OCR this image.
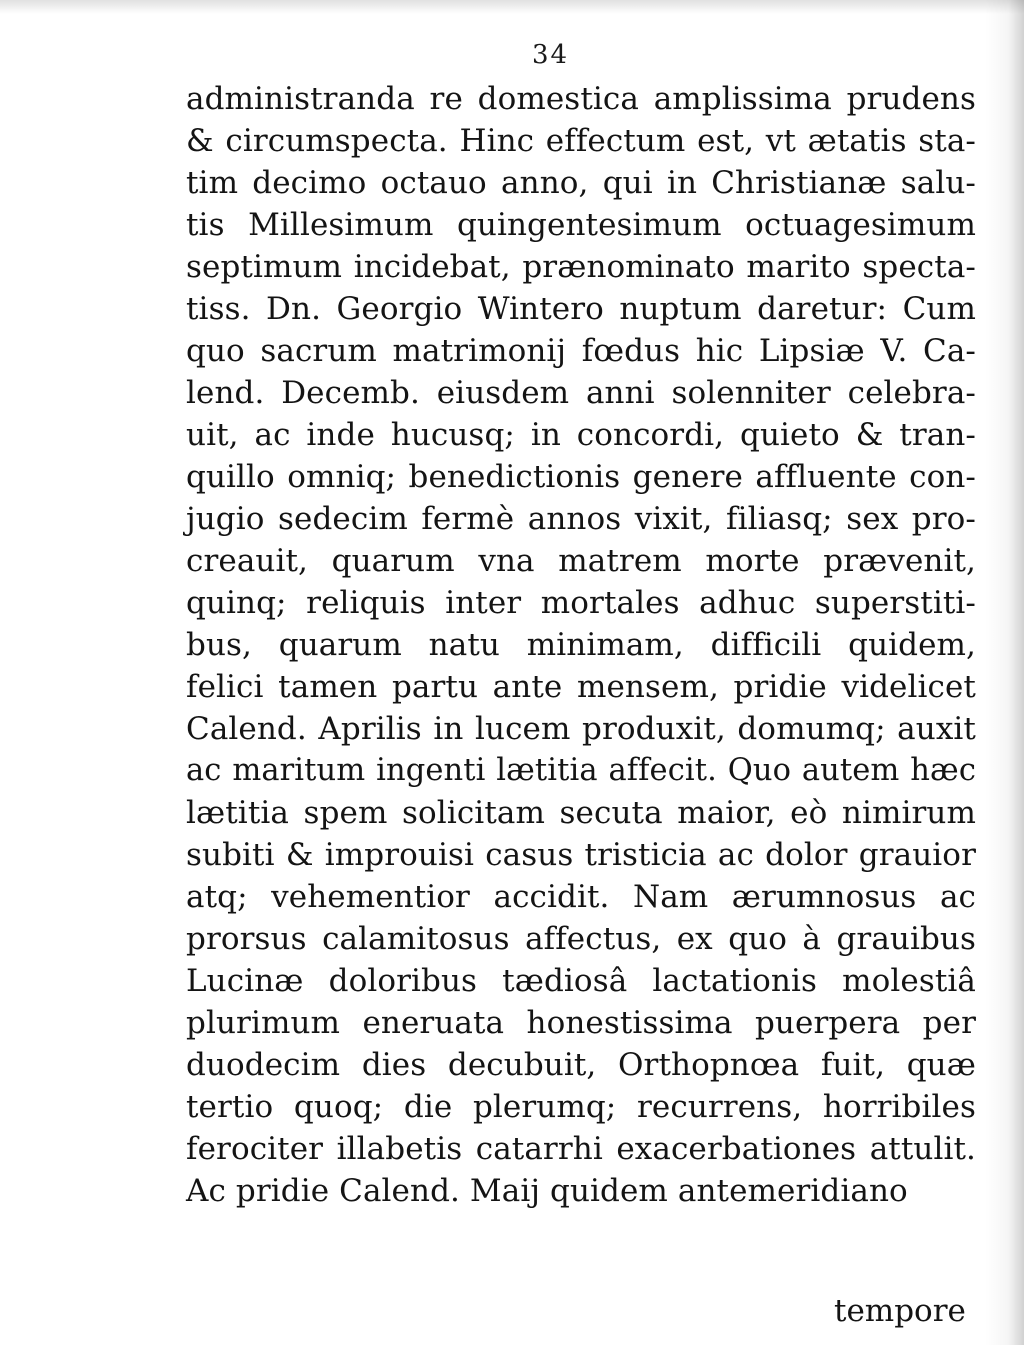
34
administranda re domestica amplissima prudens
& circumspecta. Hinc effectum est, vt ætatis sta-
tim decimo octauo anno, qui in Christianæ salu-
tis Millesimum quingentesimum octuagesimum
septimum incidebat, prænominato marito specta-
tiss. Dn. Georgio Wintero nuptum daretur: Cum
quo sacrum matrimonij fœdus hic Lipsiæ V. Ca-
lend. Decemb. eiusdem anni solenniter celebra-
uit, ac inde hucusq; in concordi, quieto & tran-
quillo omniq; benedictionis genere affluente con-
jugio sedecim fermè annos vixit, filiasq; sex pro-
creauit, quarum vna matrem morte prævenit,
quinq; reliquis inter mortales adhuc superstiti-
bus, quarum natu minimam, difficili quidem,
felici tamen partu ante mensem, pridie videlicet
Calend. Aprilis in lucem produxit, domumq; auxit
ac maritum ingenti lætitia affecit. Quo autem hæc
lætitia spem solicitam secuta maior, eò nimirum
subiti & improuisi casus tristicia ac dolor grauior
atq; vehementior accidit. Nam ærumnosus ac
prorsus calamitosus affectus, ex quo à grauibus
Lucinæ doloribus tædiosâ lactationis molestiâ
plurimum eneruata honestissima puerpera per
duodecim dies decubuit, Orthopnœa fuit, quæ
tertio quoq; die plerumq; recurrens, horribiles
ferociter illabetis catarrhi exacerbationes attulit.
Ac pridie Calend. Maij quidem antemeridiano
tempore
